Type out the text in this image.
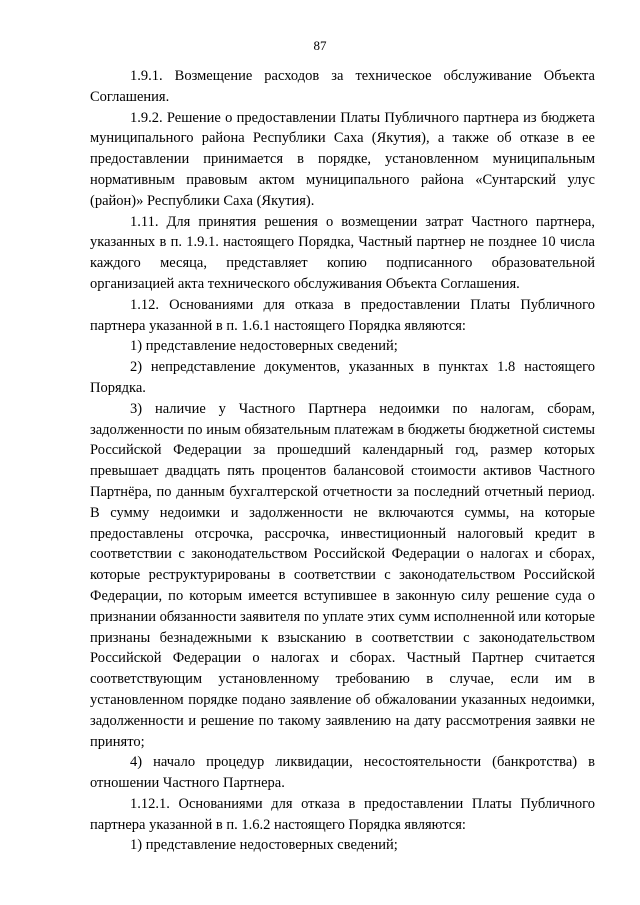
87

1.9.1. Возмещение расходов за техническое обслуживание Объекта Соглашения.

1.9.2. Решение о предоставлении Платы Публичного партнера из бюджета муниципального района Республики Саха (Якутия), а также об отказе в ее предоставлении принимается в порядке, установленном муниципальным нормативным правовым актом муниципального района «Сунтарский улус (район)» Республики Саха (Якутия).

1.11. Для принятия решения о возмещении затрат Частного партнера, указанных в п. 1.9.1. настоящего Порядка, Частный партнер не позднее 10 числа каждого месяца, представляет копию подписанного образовательной организацией акта технического обслуживания Объекта Соглашения.

1.12. Основаниями для отказа в предоставлении Платы Публичного партнера указанной в п. 1.6.1 настоящего Порядка являются:

1) представление недостоверных сведений;

2) непредставление документов, указанных в пунктах 1.8 настоящего Порядка.

3) наличие у Частного Партнера недоимки по налогам, сборам, задолженности по иным обязательным платежам в бюджеты бюджетной системы Российской Федерации за прошедший календарный год, размер которых превышает двадцать пять процентов балансовой стоимости активов Частного Партнёра, по данным бухгалтерской отчетности за последний отчетный период. В сумму недоимки и задолженности не включаются суммы, на которые предоставлены отсрочка, рассрочка, инвестиционный налоговый кредит в соответствии с законодательством Российской Федерации о налогах и сборах, которые реструктурированы в соответствии с законодательством Российской Федерации, по которым имеется вступившее в законную силу решение суда о признании обязанности заявителя по уплате этих сумм исполненной или которые признаны безнадежными к взысканию в соответствии с законодательством Российской Федерации о налогах и сборах. Частный Партнер считается соответствующим установленному требованию в случае, если им в установленном порядке подано заявление об обжаловании указанных недоимки, задолженности и решение по такому заявлению на дату рассмотрения заявки не принято;

4) начало процедур ликвидации, несостоятельности (банкротства) в отношении Частного Партнера.

1.12.1. Основаниями для отказа в предоставлении Платы Публичного партнера указанной в п. 1.6.2 настоящего Порядка являются:

1) представление недостоверных сведений;
